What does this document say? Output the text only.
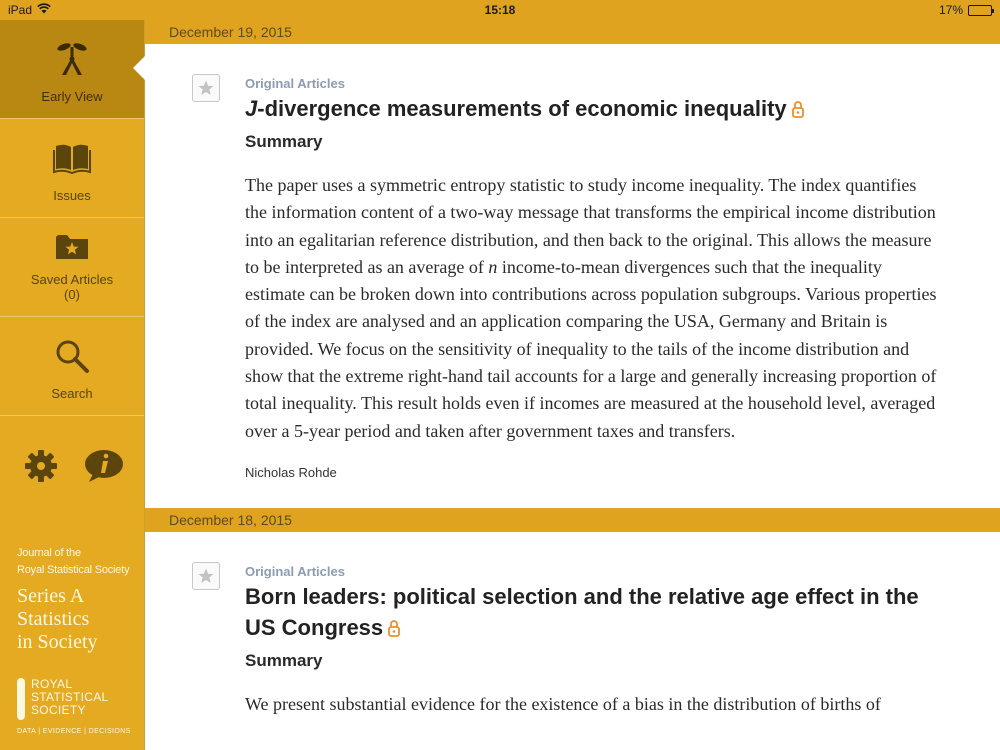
iPad	15:18	17%
Early View
Issues
Saved Articles
(0)
Search
Journal of the
Royal Statistical Society
Series A
Statistics
in Society
ROYAL
STATISTICAL
SOCIETY
DATA | EVIDENCE | DECISIONS
December 19, 2015
Original Articles
J-divergence measurements of economic inequality
Summary

The paper uses a symmetric entropy statistic to study income inequality. The index quantifies the information content of a two-way message that transforms the empirical income distribution into an egalitarian reference distribution, and then back to the original. This allows the measure to be interpreted as an average of n income-to-mean divergences such that the inequality estimate can be broken down into contributions across population subgroups. Various properties of the index are analysed and an application comparing the USA, Germany and Britain is provided. We focus on the sensitivity of inequality to the tails of the income distribution and show that the extreme right-hand tail accounts for a large and generally increasing proportion of total inequality. This result holds even if incomes are measured at the household level, averaged over a 5-year period and taken after government taxes and transfers.

Nicholas Rohde
December 18, 2015
Original Articles
Born leaders: political selection and the relative age effect in the US Congress
Summary

We present substantial evidence for the existence of a bias in the distribution of births of
